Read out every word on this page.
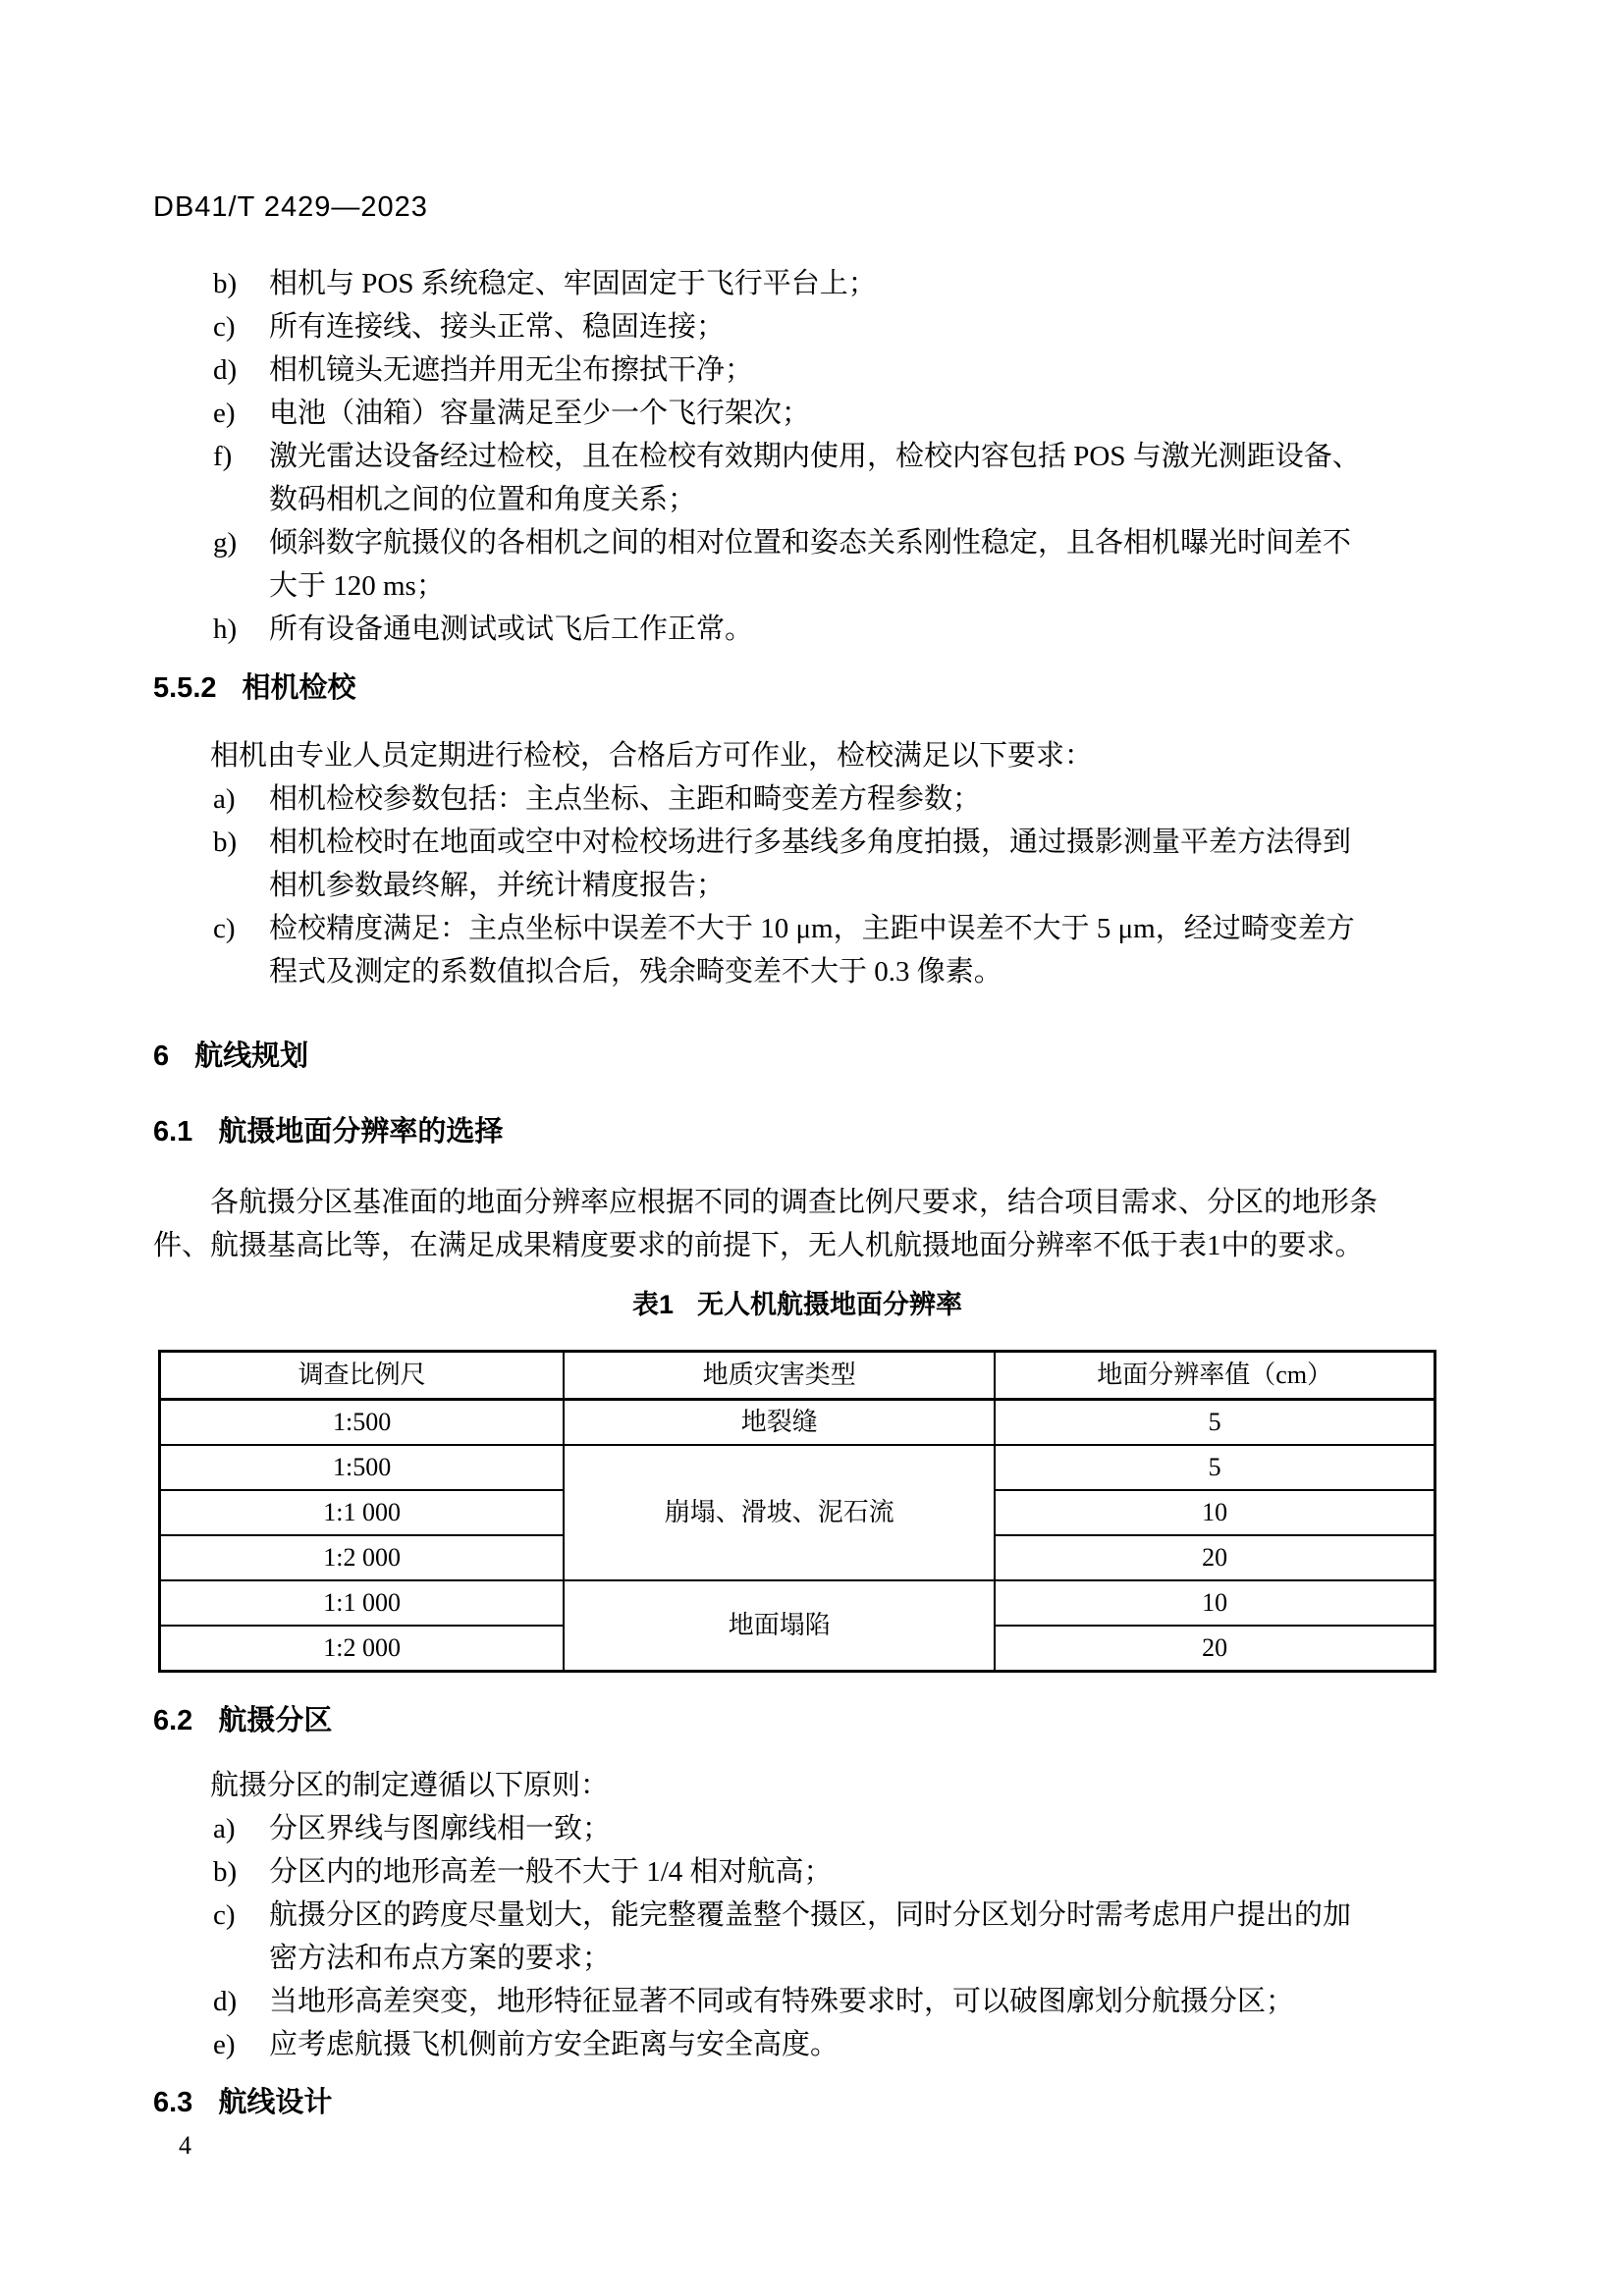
DB41/T 2429—2023
b)	相机与 POS 系统稳定、牢固固定于飞行平台上；
c)	所有连接线、接头正常、稳固连接；
d)	相机镜头无遮挡并用无尘布擦拭干净；
e)	电池（油箱）容量满足至少一个飞行架次；
f)	激光雷达设备经过检校，且在检校有效期内使用，检校内容包括 POS 与激光测距设备、数码相机之间的位置和角度关系；
g)	倾斜数字航摄仪的各相机之间的相对位置和姿态关系刚性稳定，且各相机曝光时间差不大于 120 ms；
h)	所有设备通电测试或试飞后工作正常。
5.5.2 相机检校

相机由专业人员定期进行检校，合格后方可作业，检校满足以下要求：

a)	相机检校参数包括：主点坐标、主距和畸变差方程参数；
b)	相机检校时在地面或空中对检校场进行多基线多角度拍摄，通过摄影测量平差方法得到相机参数最终解，并统计精度报告；
c)	检校精度满足：主点坐标中误差不大于 10 μm，主距中误差不大于 5 μm，经过畸变差方程式及测定的系数值拟合后，残余畸变差不大于 0.3 像素。
6 航线规划
6.1 航摄地面分辨率的选择

各航摄分区基准面的地面分辨率应根据不同的调查比例尺要求，结合项目需求、分区的地形条件、航摄基高比等，在满足成果精度要求的前提下，无人机航摄地面分辨率不低于表1中的要求。

表1 无人机航摄地面分辨率
调查比例尺	地质灾害类型	地面分辨率值（cm）
1:500	地裂缝	5
1:500	崩塌、滑坡、泥石流	5
1:1 000		10
1:2 000		20
1:1 000	地面塌陷	10
1:2 000		20
6.2 航摄分区

航摄分区的制定遵循以下原则：

a)	分区界线与图廓线相一致；
b)	分区内的地形高差一般不大于 1/4 相对航高；
c)	航摄分区的跨度尽量划大，能完整覆盖整个摄区，同时分区划分时需考虑用户提出的加密方法和布点方案的要求；
d)	当地形高差突变，地形特征显著不同或有特殊要求时，可以破图廓划分航摄分区；
e)	应考虑航摄飞机侧前方安全距离与安全高度。
6.3 航线设计
4
